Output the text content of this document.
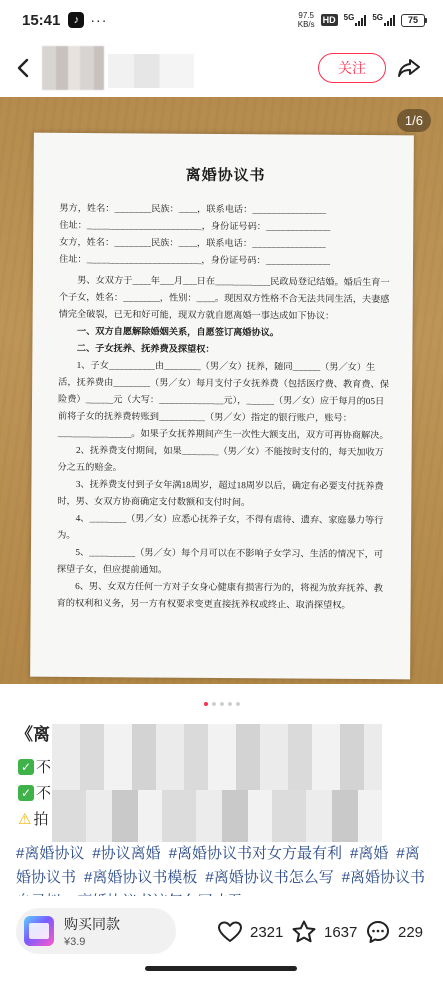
15:41	♪ ···	97.5
KB/s HD 5G 5G	75
关注
离婚协议书
男方，姓名：________民族：____，联系电话：________________
住址：_________________________，身份证号码：______________
女方，姓名：________民族：____，联系电话：________________
住址：_________________________，身份证号码：______________
男、女双方于____年___月___日在____________民政局登记结婚。婚后生育一个子女，姓名：________，性别：____。现因双方性格不合无法共同生活，夫妻感情完全破裂，已无和好可能，现双方就自愿离婚一事达成如下协议：
一、双方自愿解除婚姻关系，自愿签订离婚协议。
二、子女抚养、抚养费及探望权：
1、子女__________由________（男／女）抚养，随同______（男／女）生活，抚养费由________（男／女）每月支付子女抚养费（包括医疗费、教育费、保险费）______元（大写：______________元），______（男／女）应于每月的05日前将子女的抚养费转账到__________（男／女）指定的银行账户，账号：________________。如果子女抚养期间产生一次性大额支出，双方可再协商解决。
2、抚养费支付期间，如果________（男／女）不能按时支付的，每天加收万分之五的赔金。
3、抚养费支付到子女年满18周岁，超过18周岁以后，确定有必要支付抚养费时，男、女双方协商确定支付数额和支付时间。
4、________（男／女）应悉心抚养子女，不得有虐待、遗弃、家庭暴力等行为。
5、__________（男／女）每个月可以在不影响子女学习、生活的情况下，可探望子女，但应提前通知。
6、男、女双方任何一方对子女身心健康有损害行为的，将视为放弃抚养、教育的权利和义务，另一方有权要求变更直接抚养权或终止、取消探望权。
1/6
《离
✓ 不
✓ 不
⚠ 拍
#离婚协议 #协议离婚 #离婚协议书对女方最有利 #离婚 #离婚协议书 #离婚协议书模板 #离婚协议书怎么写 #离婚协议书
购买同款
¥3.9
2321	1637	229
